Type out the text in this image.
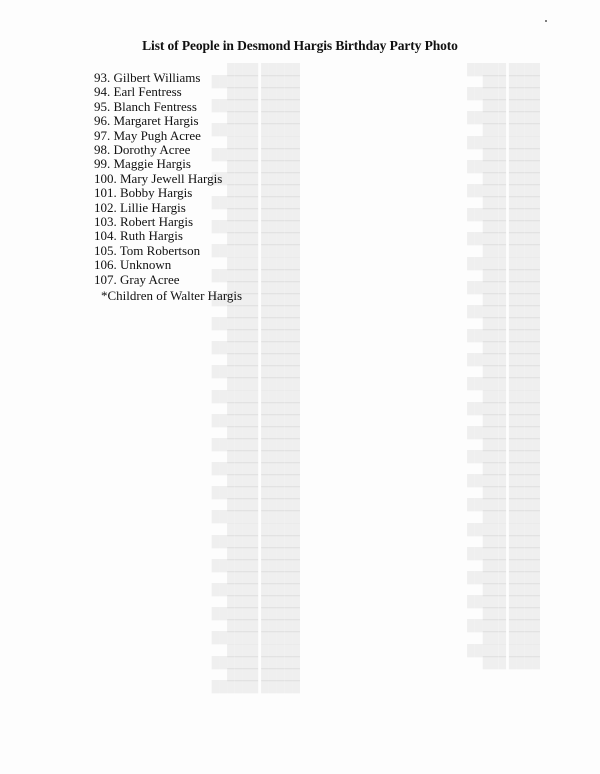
████ █████
████ ███
████ █████
████ ███
████ █████
████ ███
████ █████
████ ███
████ █████
████ ███
████ █████
████ ███
████ █████
████ ███
████ █████
████ ███
████ █████
████ ███
████ █████
████ ███
████ █████
████ ███
████ █████
████ ███
████ █████
████ ███
████ █████
████ ███
████ █████
████ ███
████ █████
████ ███
████ █████
████ ███
████ █████
████ ███
████ █████
████ ███
████ █████
████ ███
████ █████
████ ███
████ █████
████ ███
████ █████
████ ███
████ █████
████ ███
████ █████
████ ███

█████ ████
█████ ██████
█████ ████
█████ ██████
█████ ████
█████ ██████
█████ ████
█████ ██████
█████ ████
█████ ██████
█████ ████
█████ ██████
█████ ████
█████ ██████
█████ ████
█████ ██████
█████ ████
█████ ██████
█████ ████
█████ ██████
█████ ████
█████ ██████
█████ ████
█████ ██████
█████ ████
█████ ██████
█████ ████
█████ ██████
█████ ████
█████ ██████
█████ ████
█████ ██████
█████ ████
█████ ██████
█████ ████
█████ ██████
█████ ████
█████ ██████
█████ ████
█████ ██████
█████ ████
█████ ██████
█████ ████
█████ ██████
█████ ████
█████ ██████
█████ ████
█████ ██████
█████ ████
█████ ██████
█████ ████
█████ ██████

List of People in Desmond Hargis Birthday Party Photo
93. Gilbert Williams
94. Earl Fentress
95. Blanch Fentress
96. Margaret Hargis
97. May Pugh Acree
98. Dorothy Acree
99. Maggie Hargis
100. Mary Jewell Hargis
101. Bobby Hargis
102. Lillie Hargis
103. Robert Hargis
104. Ruth Hargis
105. Tom Robertson
106. Unknown
107. Gray Acree
*Children of Walter Hargis
